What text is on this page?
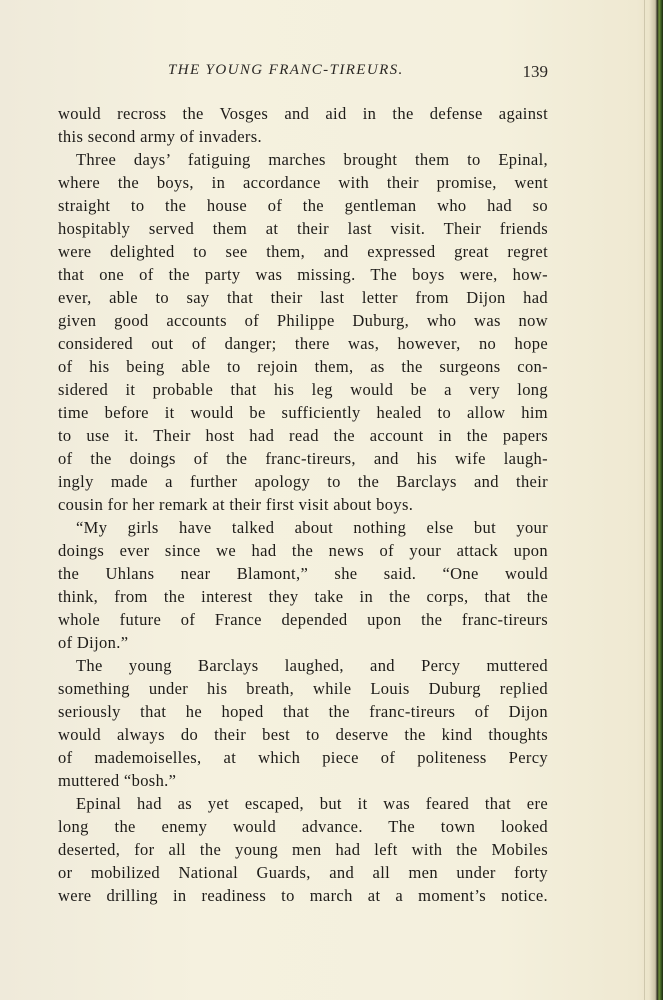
THE YOUNG FRANC-TIREURS.	139
would recross the Vosges and aid in the defense against
this second army of invaders.
Three days’ fatiguing marches brought them to Epinal,
where the boys, in accordance with their promise, went
straight to the house of the gentleman who had so
hospitably served them at their last visit. Their friends
were delighted to see them, and expressed great regret
that one of the party was missing. The boys were, how-
ever, able to say that their last letter from Dijon had
given good accounts of Philippe Duburg, who was now
considered out of danger; there was, however, no hope
of his being able to rejoin them, as the surgeons con-
sidered it probable that his leg would be a very long
time before it would be sufficiently healed to allow him
to use it. Their host had read the account in the papers
of the doings of the franc-tireurs, and his wife laugh-
ingly made a further apology to the Barclays and their
cousin for her remark at their first visit about boys.
“My girls have talked about nothing else but your
doings ever since we had the news of your attack upon
the Uhlans near Blamont,” she said. “One would
think, from the interest they take in the corps, that the
whole future of France depended upon the franc-tireurs
of Dijon.”
The young Barclays laughed, and Percy muttered
something under his breath, while Louis Duburg replied
seriously that he hoped that the franc-tireurs of Dijon
would always do their best to deserve the kind thoughts
of mademoiselles, at which piece of politeness Percy
muttered “bosh.”
Epinal had as yet escaped, but it was feared that ere
long the enemy would advance. The town looked
deserted, for all the young men had left with the Mobiles
or mobilized National Guards, and all men under forty
were drilling in readiness to march at a moment’s notice.
